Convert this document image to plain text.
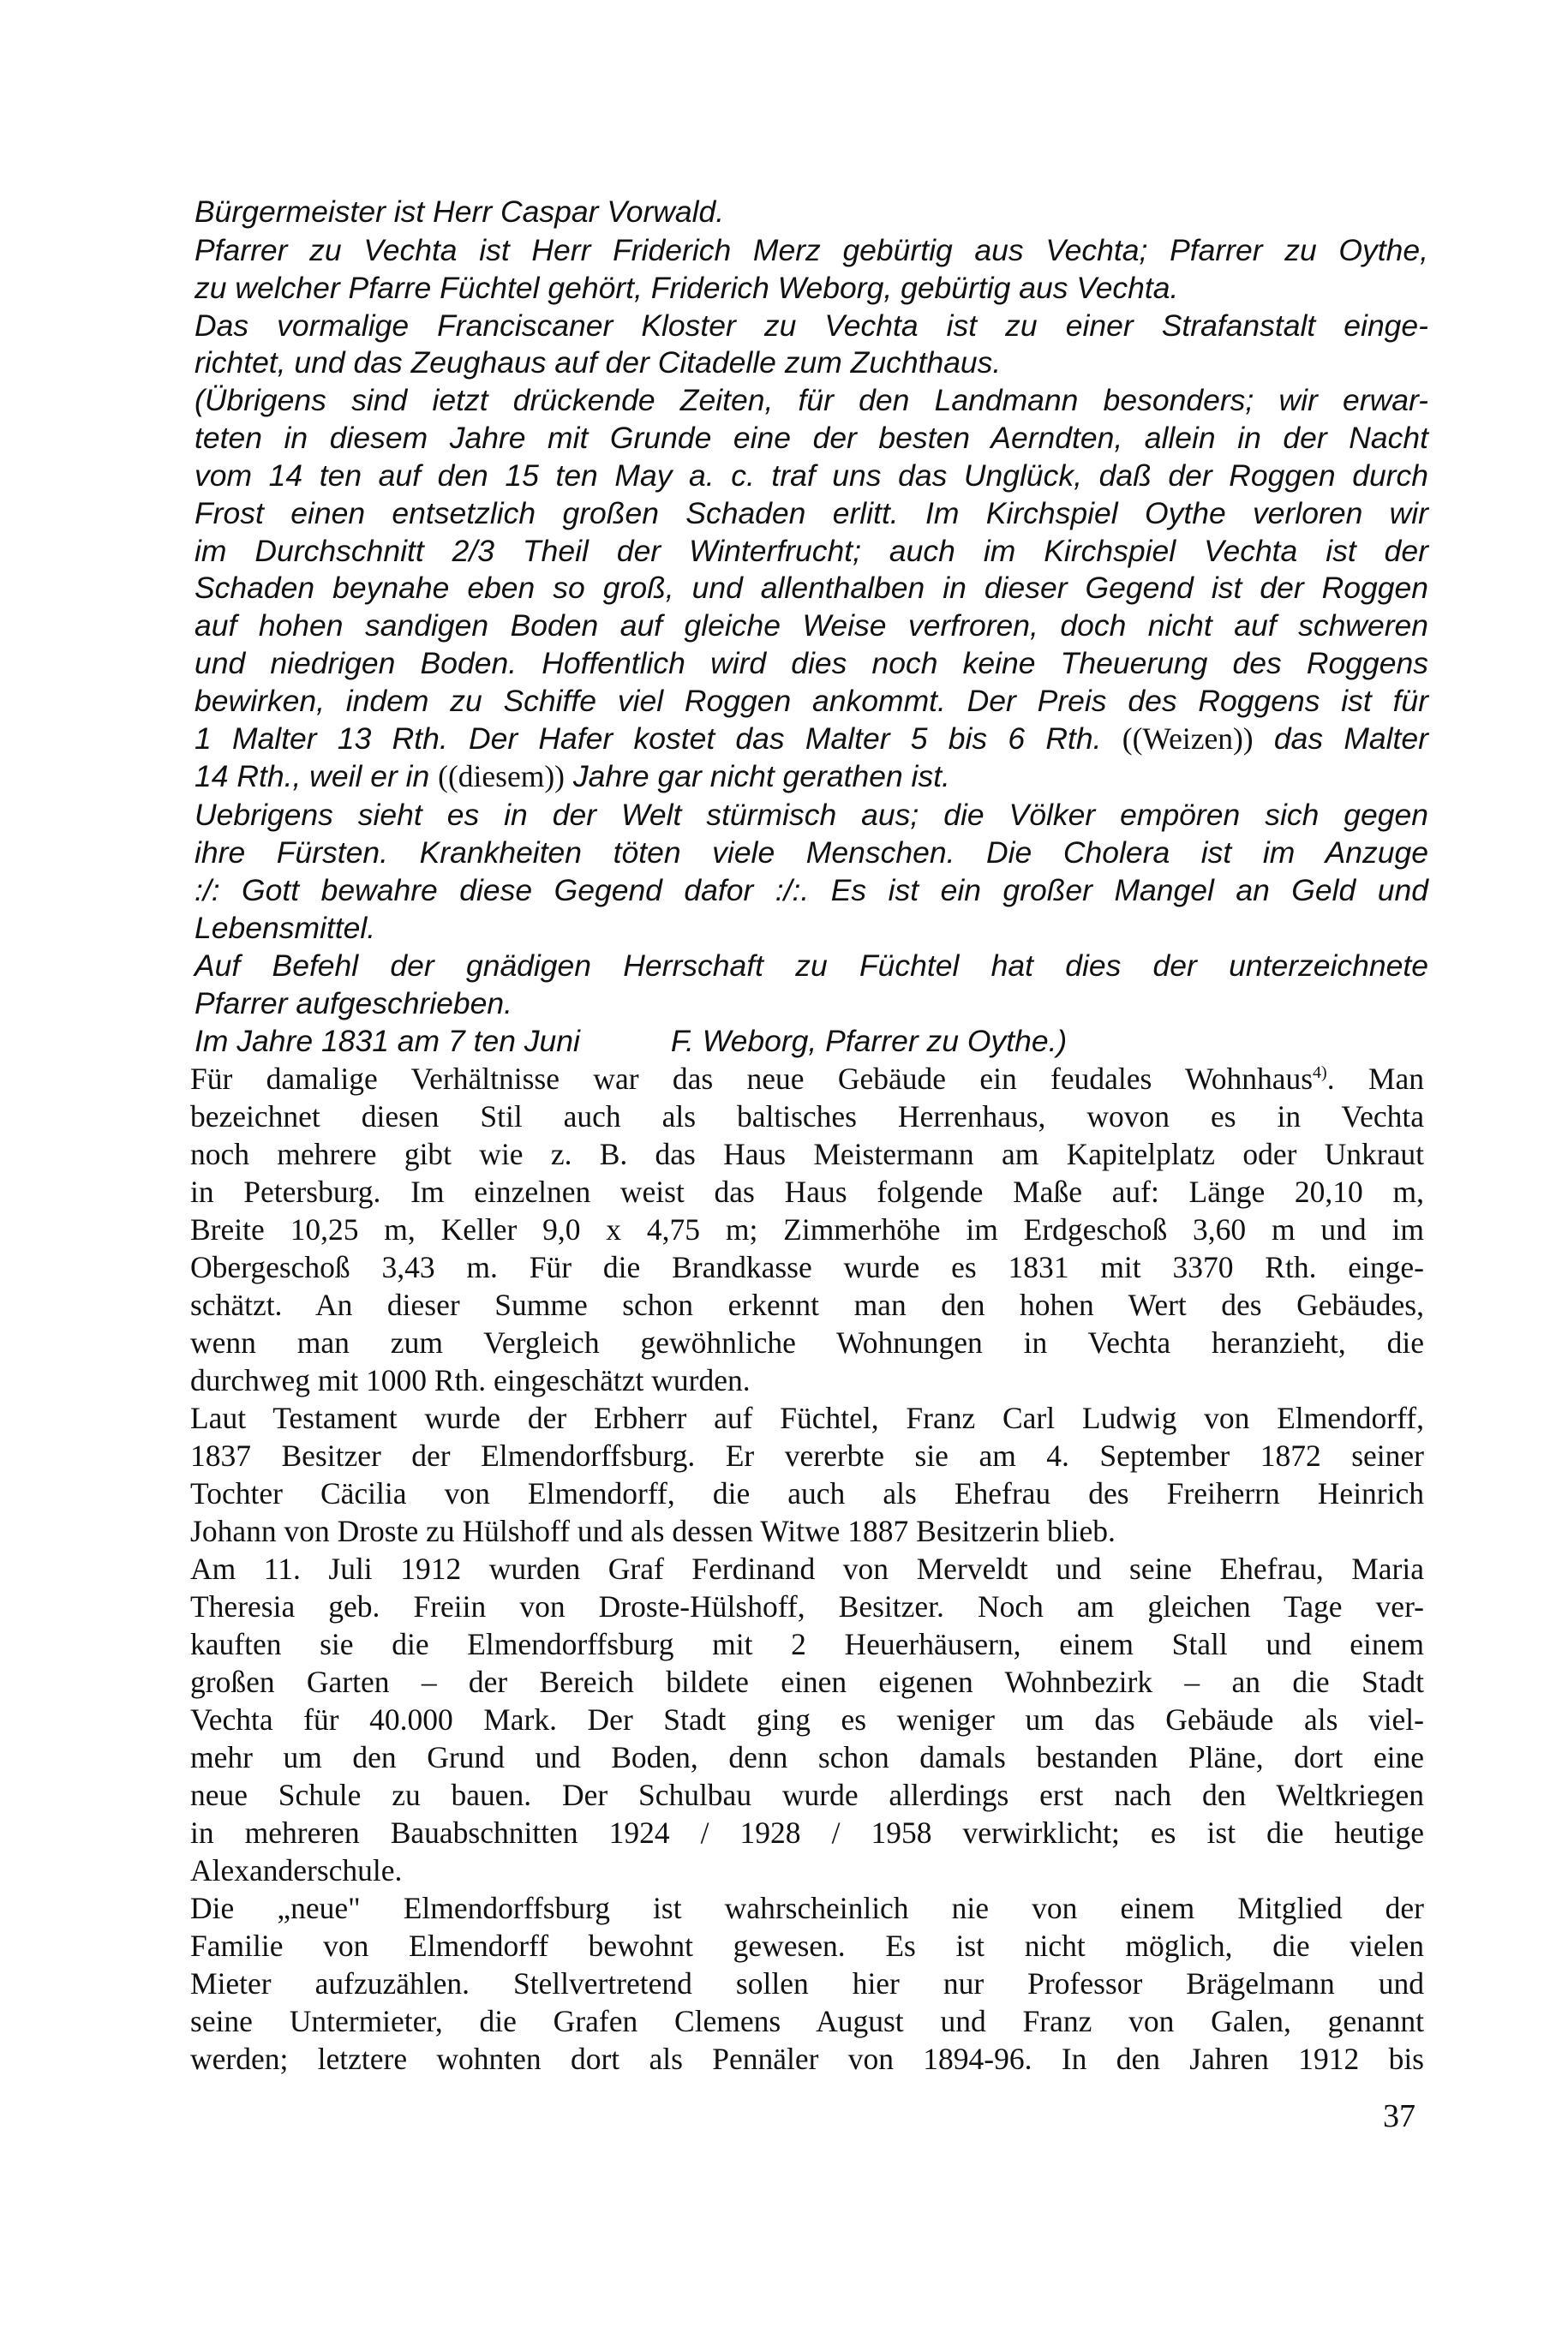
Bürgermeister ist Herr Caspar Vorwald.

Pfarrer zu Vechta ist Herr Friderich Merz gebürtig aus Vechta; Pfarrer zu Oythe,

zu welcher Pfarre Füchtel gehört, Friderich Weborg, gebürtig aus Vechta.

Das vormalige Franciscaner Kloster zu Vechta ist zu einer Strafanstalt einge-

richtet, und das Zeughaus auf der Citadelle zum Zuchthaus.

(Übrigens sind ietzt drückende Zeiten, für den Landmann besonders; wir erwar-

teten in diesem Jahre mit Grunde eine der besten Aerndten, allein in der Nacht

vom 14 ten auf den 15 ten May a. c. traf uns das Unglück, daß der Roggen durch

Frost einen entsetzlich großen Schaden erlitt. Im Kirchspiel Oythe verloren wir

im Durchschnitt 2/3 Theil der Winterfrucht; auch im Kirchspiel Vechta ist der

Schaden beynahe eben so groß, und allenthalben in dieser Gegend ist der Roggen

auf hohen sandigen Boden auf gleiche Weise verfroren, doch nicht auf schweren

und niedrigen Boden. Hoffentlich wird dies noch keine Theuerung des Roggens

bewirken, indem zu Schiffe viel Roggen ankommt. Der Preis des Roggens ist für

1 Malter 13 Rth. Der Hafer kostet das Malter 5 bis 6 Rth. ((Weizen)) das Malter

14 Rth., weil er in ((diesem)) Jahre gar nicht gerathen ist.

Uebrigens sieht es in der Welt stürmisch aus; die Völker empören sich gegen

ihre Fürsten. Krankheiten töten viele Menschen. Die Cholera ist im Anzuge

:/: Gott bewahre diese Gegend dafor :/:. Es ist ein großer Mangel an Geld und

Lebensmittel.

Auf Befehl der gnädigen Herrschaft zu Füchtel hat dies der unterzeichnete

Pfarrer aufgeschrieben.

Im Jahre 1831 am 7 ten Juni	F. Weborg, Pfarrer zu Oythe.)

Für damalige Verhältnisse war das neue Gebäude ein feudales Wohnhaus$^{4)}$. Man

bezeichnet diesen Stil auch als baltisches Herrenhaus, wovon es in Vechta

noch mehrere gibt wie z. B. das Haus Meistermann am Kapitelplatz oder Unkraut

in Petersburg. Im einzelnen weist das Haus folgende Maße auf: Länge 20,10 m,

Breite 10,25 m, Keller 9,0 x 4,75 m; Zimmerhöhe im Erdgeschoß 3,60 m und im

Obergeschoß 3,43 m. Für die Brandkasse wurde es 1831 mit 3370 Rth. einge-

schätzt. An dieser Summe schon erkennt man den hohen Wert des Gebäudes,

wenn man zum Vergleich gewöhnliche Wohnungen in Vechta heranzieht, die

durchweg mit 1000 Rth. eingeschätzt wurden.

Laut Testament wurde der Erbherr auf Füchtel, Franz Carl Ludwig von Elmendorff,

1837 Besitzer der Elmendorffsburg. Er vererbte sie am 4. September 1872 seiner

Tochter Cäcilia von Elmendorff, die auch als Ehefrau des Freiherrn Heinrich

Johann von Droste zu Hülshoff und als dessen Witwe 1887 Besitzerin blieb.

Am 11. Juli 1912 wurden Graf Ferdinand von Merveldt und seine Ehefrau, Maria

Theresia geb. Freiin von Droste-Hülshoff, Besitzer. Noch am gleichen Tage ver-

kauften sie die Elmendorffsburg mit 2 Heuerhäusern, einem Stall und einem

großen Garten – der Bereich bildete einen eigenen Wohnbezirk – an die Stadt

Vechta für 40.000 Mark. Der Stadt ging es weniger um das Gebäude als viel-

mehr um den Grund und Boden, denn schon damals bestanden Pläne, dort eine

neue Schule zu bauen. Der Schulbau wurde allerdings erst nach den Weltkriegen

in mehreren Bauabschnitten 1924 / 1928 / 1958 verwirklicht; es ist die heutige

Alexanderschule.

Die „neue" Elmendorffsburg ist wahrscheinlich nie von einem Mitglied der

Familie von Elmendorff bewohnt gewesen. Es ist nicht möglich, die vielen

Mieter aufzuzählen. Stellvertretend sollen hier nur Professor Brägelmann und

seine Untermieter, die Grafen Clemens August und Franz von Galen, genannt

werden; letztere wohnten dort als Pennäler von 1894-96. In den Jahren 1912 bis

37
